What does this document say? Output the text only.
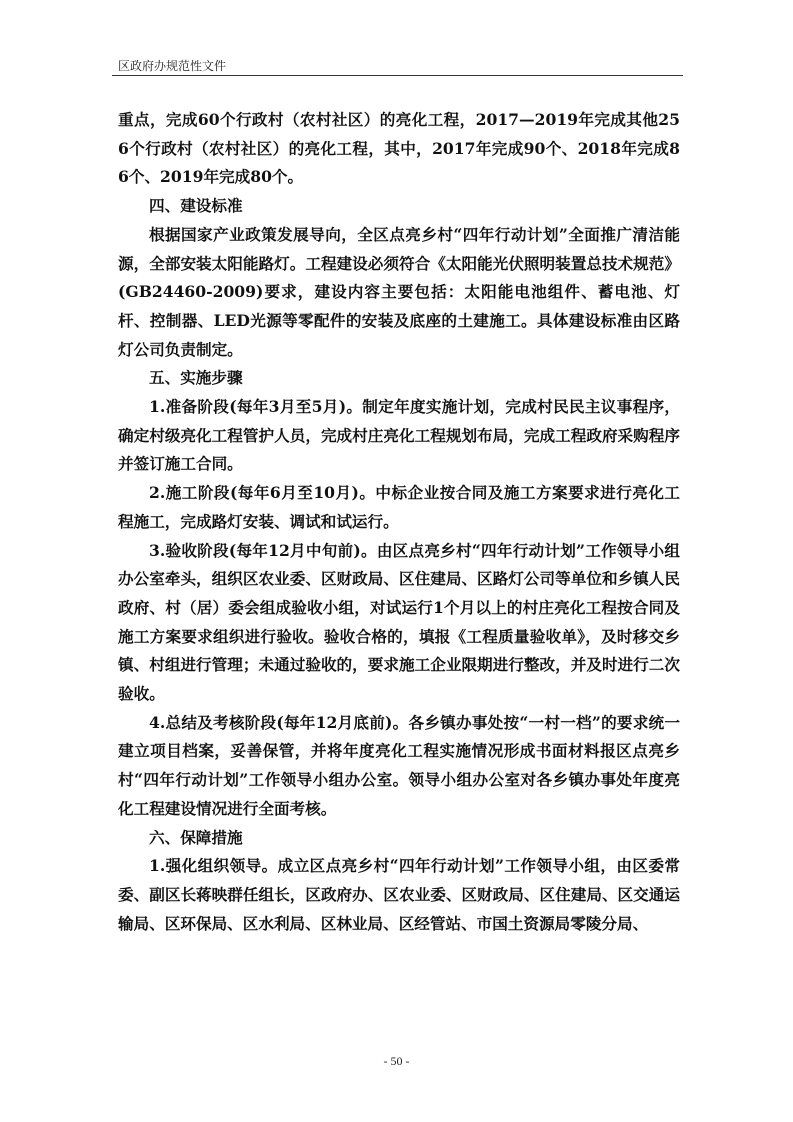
区政府办规范性文件

重点，完成60个行政村（农村社区）的亮化工程，2017—2019年完成其他256个行政村（农村社区）的亮化工程，其中，2017年完成90个、2018年完成86个、2019年完成80个。

四、建设标准

根据国家产业政策发展导向，全区点亮乡村“四年行动计划”全面推广清洁能源，全部安装太阳能路灯。工程建设必须符合《太阳能光伏照明装置总技术规范》(GB24460-2009)要求，建设内容主要包括：太阳能电池组件、蓄电池、灯杆、控制器、LED光源等零配件的安装及底座的土建施工。具体建设标准由区路灯公司负责制定。

五、实施步骤

1.准备阶段(每年3月至5月)。制定年度实施计划，完成村民民主议事程序，确定村级亮化工程管护人员，完成村庄亮化工程规划布局，完成工程政府采购程序并签订施工合同。

2.施工阶段(每年6月至10月)。中标企业按合同及施工方案要求进行亮化工程施工，完成路灯安装、调试和试运行。

3.验收阶段(每年12月中旬前)。由区点亮乡村“四年行动计划”工作领导小组办公室牵头，组织区农业委、区财政局、区住建局、区路灯公司等单位和乡镇人民政府、村（居）委会组成验收小组，对试运行1个月以上的村庄亮化工程按合同及施工方案要求组织进行验收。验收合格的，填报《工程质量验收单》，及时移交乡镇、村组进行管理；未通过验收的，要求施工企业限期进行整改，并及时进行二次验收。

4.总结及考核阶段(每年12月底前)。各乡镇办事处按“一村一档”的要求统一建立项目档案，妥善保管，并将年度亮化工程实施情况形成书面材料报区点亮乡村“四年行动计划”工作领导小组办公室。领导小组办公室对各乡镇办事处年度亮化工程建设情况进行全面考核。

六、保障措施

1.强化组织领导。成立区点亮乡村“四年行动计划”工作领导小组，由区委常委、副区长蒋映群任组长，区政府办、区农业委、区财政局、区住建局、区交通运输局、区环保局、区水利局、区林业局、区经管站、市国土资源局零陵分局、

- 50 -
